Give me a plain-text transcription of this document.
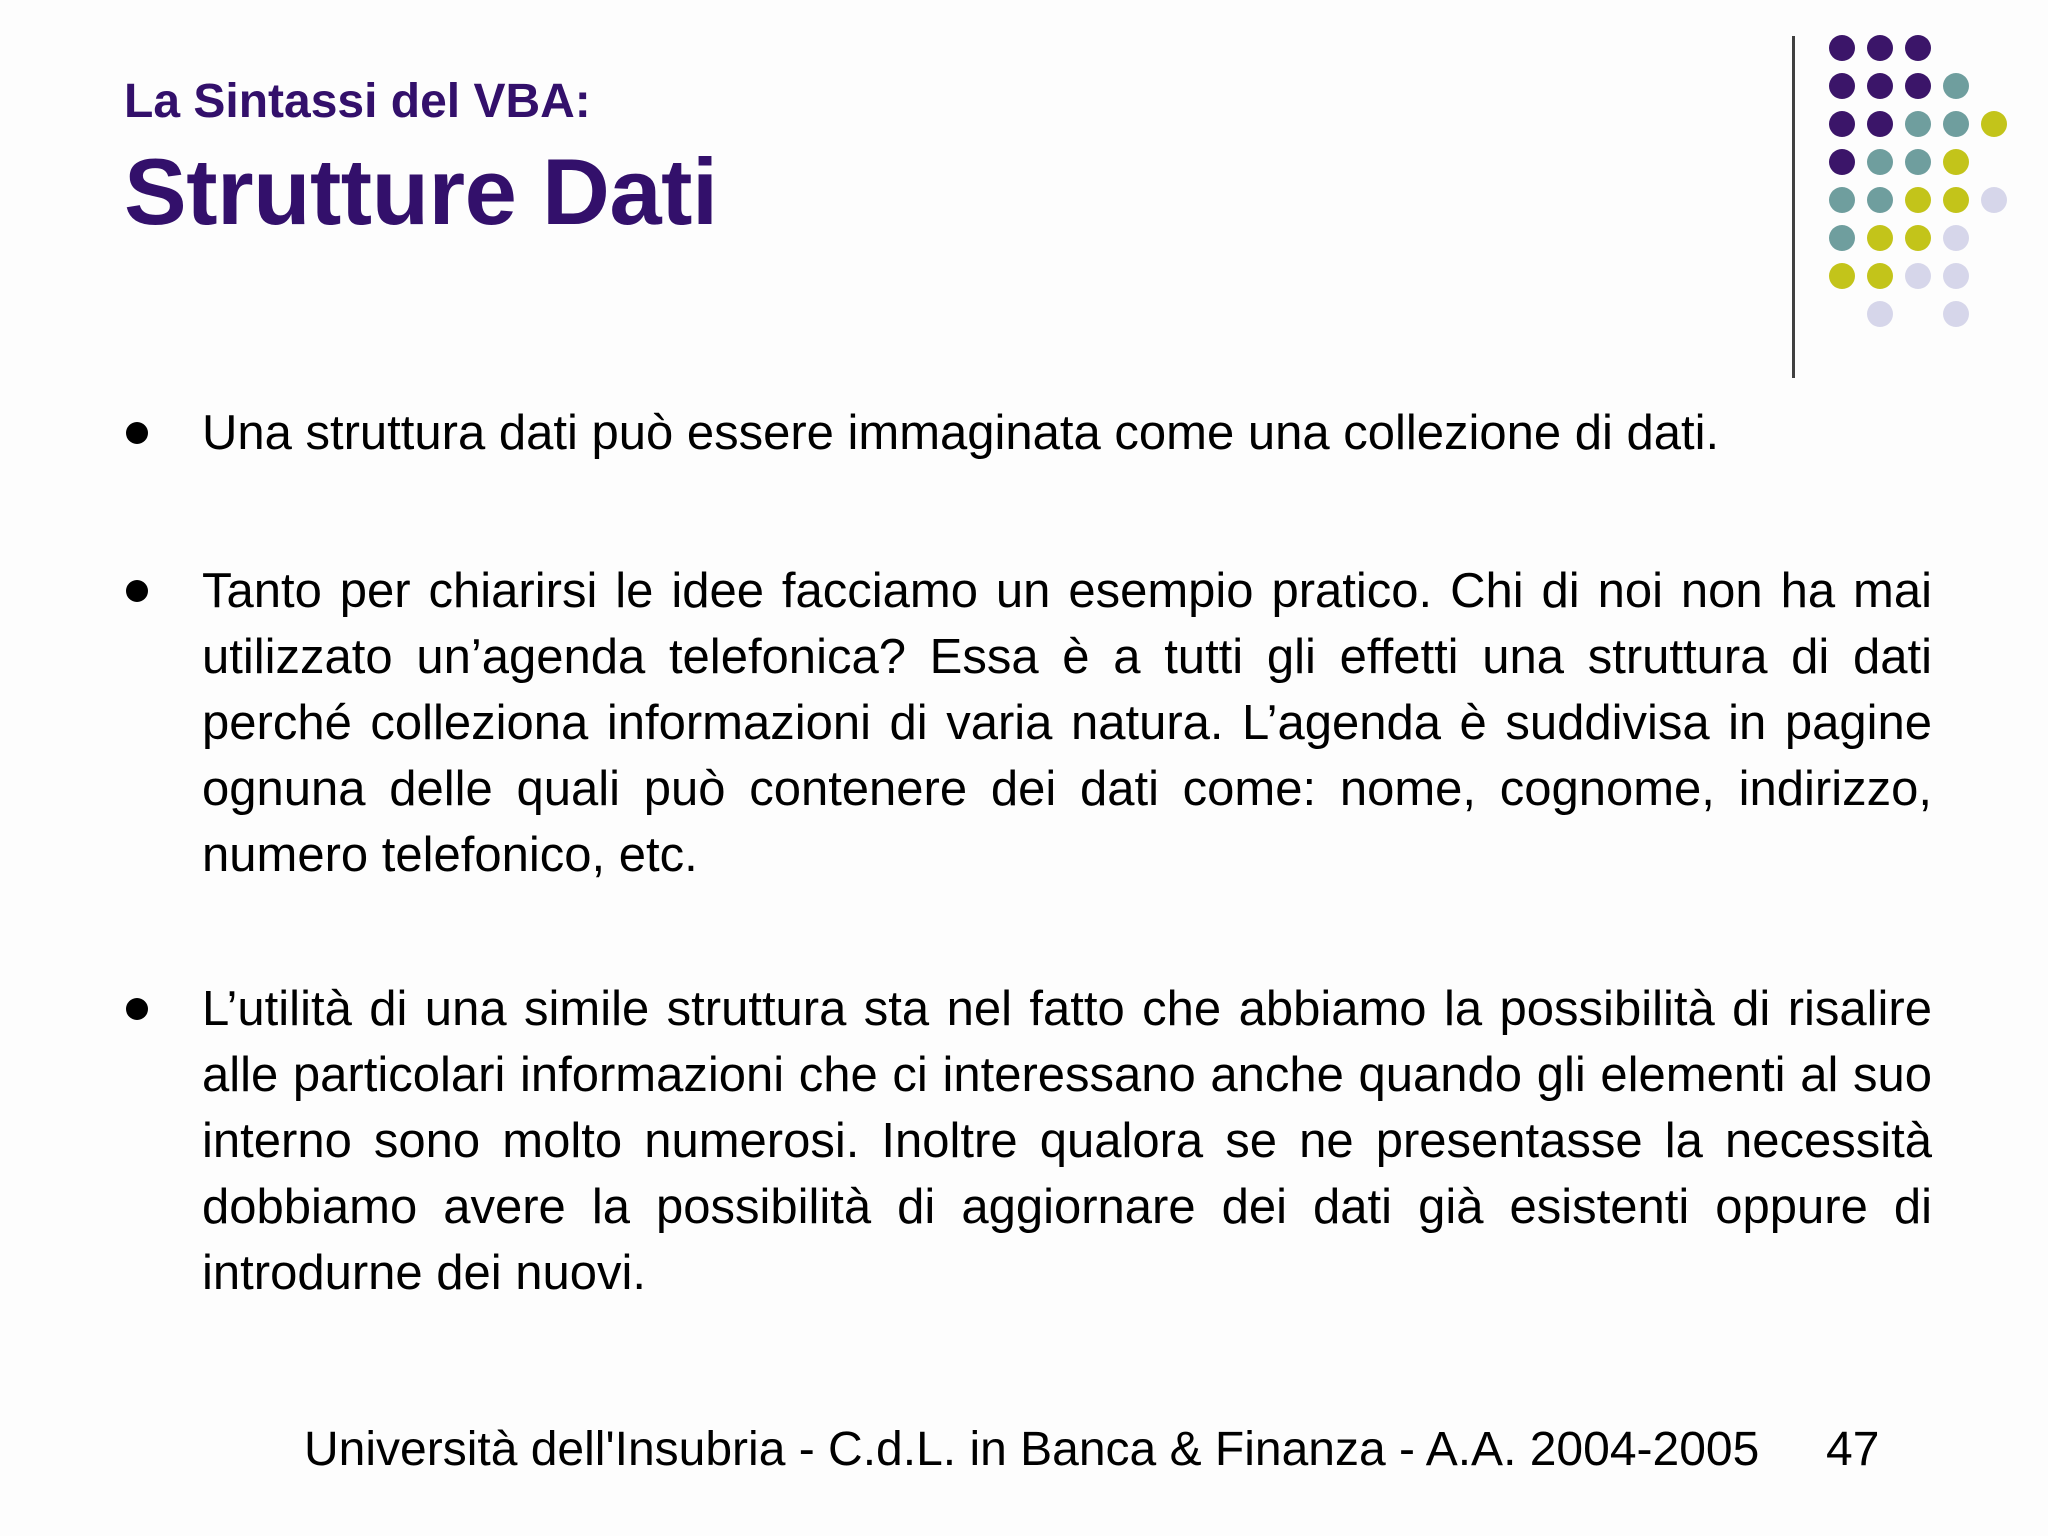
La Sintassi del VBA:
Strutture Dati
Una struttura dati può essere immaginata come una collezione di dati.
Tanto per chiarirsi le idee facciamo un esempio pratico. Chi di noi non ha mai utilizzato un’agenda telefonica? Essa è a tutti gli effetti una struttura di dati perché colleziona informazioni di varia natura. L’agenda è suddivisa in pagine ognuna delle quali può contenere dei dati come: nome, cognome, indirizzo, numero telefonico, etc.
L’utilità di una simile struttura sta nel fatto che abbiamo la possibilità di risalire alle particolari informazioni che ci interessano anche quando gli elementi al suo interno sono molto numerosi. Inoltre qualora se ne presentasse la necessità dobbiamo avere la possibilità di aggiornare dei dati già esistenti oppure di introdurne dei nuovi.
Università dell'Insubria - C.d.L. in Banca & Finanza - A.A. 2004-2005 47
